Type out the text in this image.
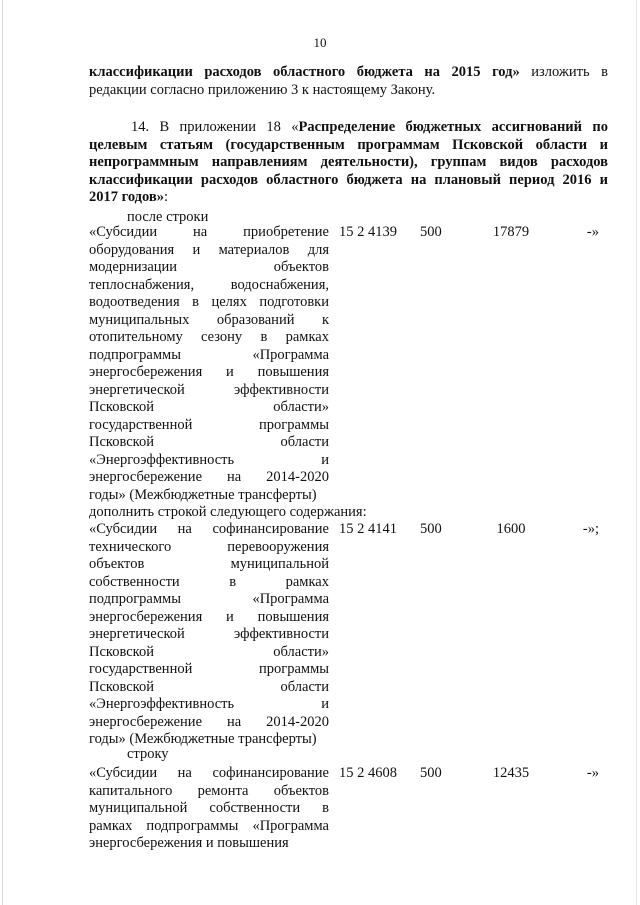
10
классификации расходов областного бюджета на 2015 год» изложить в
редакции согласно приложению 3 к настоящему Закону.
14. В приложении 18 «Распределение бюджетных ассигнований по
целевым статьям (государственным программам Псковской области и
непрограммным направлениям деятельности), группам видов расходов
классификации расходов областного бюджета на плановый период 2016 и
2017 годов»:
после строки
«Субсидии на приобретение
оборудования и материалов для
модернизации объектов
теплоснабжения, водоснабжения,
водоотведения в целях подготовки
муниципальных образований к
отопительному сезону в рамках
подпрограммы «Программа
энергосбережения и повышения
энергетической эффективности
Псковской области»
государственной программы
Псковской области
«Энергоэффективность и
энергосбережение на 2014-2020
годы» (Межбюджетные трансферты)
15 2 4139 500	17879	-»
дополнить строкой следующего содержания:
«Субсидии на софинансирование
технического перевооружения
объектов муниципальной
собственности в рамках
подпрограммы «Программа
энергосбережения и повышения
энергетической эффективности
Псковской области»
государственной программы
Псковской области
«Энергоэффективность и
энергосбережение на 2014-2020
годы» (Межбюджетные трансферты)
15 2 4141 500	1600	-»;
строку
«Субсидии на софинансирование
капитального ремонта объектов
муниципальной собственности в
рамках подпрограммы «Программа
энергосбережения и повышения
15 2 4608 500	12435	-»
